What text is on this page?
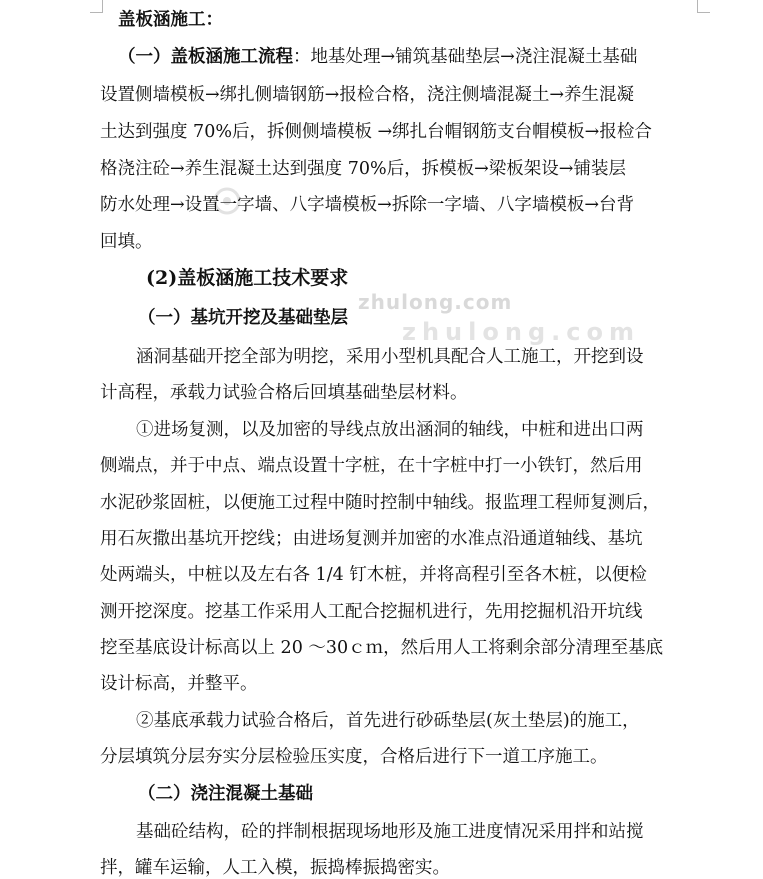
zhulong.com
zhulong.com
盖板涵施工：
（一）盖板涵施工流程：地基处理→铺筑基础垫层→浇注混凝土基础
设置侧墙模板→绑扎侧墙钢筋→报检合格，浇注侧墙混凝土→养生混凝
土达到强度 70%后，拆侧侧墙模板 →绑扎台帽钢筋支台帽模板→报检合
格浇注砼→养生混凝土达到强度 70%后，拆模板→梁板架设→铺装层
防水处理→设置一字墙、八字墙模板→拆除一字墙、八字墙模板→台背
回填。
(2)盖板涵施工技术要求
（一）基坑开挖及基础垫层
涵洞基础开挖全部为明挖，采用小型机具配合人工施工，开挖到设
计高程，承载力试验合格后回填基础垫层材料。
①进场复测，以及加密的导线点放出涵洞的轴线，中桩和进出口两
侧端点，并于中点、端点设置十字桩，在十字桩中打一小铁钉，然后用
水泥砂浆固桩，以便施工过程中随时控制中轴线。报监理工程师复测后，
用石灰撒出基坑开挖线；由进场复测并加密的水准点沿通道轴线、基坑
处两端头，中桩以及左右各 1/4 钉木桩，并将高程引至各木桩，以便检
测开挖深度。挖基工作采用人工配合挖掘机进行，先用挖掘机沿开坑线
挖至基底设计标高以上 20 ～30ｃｍ，然后用人工将剩余部分清理至基底
设计标高，并整平。
②基底承载力试验合格后，首先进行砂砾垫层(灰土垫层)的施工，
分层填筑分层夯实分层检验压实度，合格后进行下一道工序施工。
（二）浇注混凝土基础
基础砼结构，砼的拌制根据现场地形及施工进度情况采用拌和站搅
拌，罐车运输，人工入模，振捣棒振捣密实。
